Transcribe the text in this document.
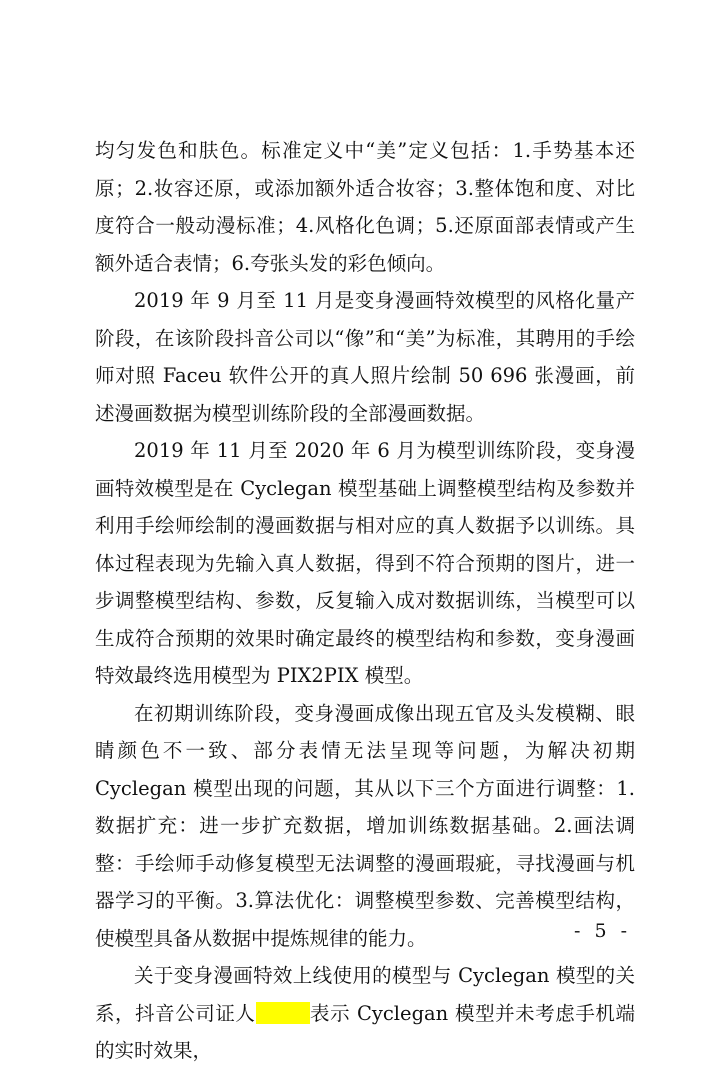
均匀发色和肤色。标准定义中“美”定义包括：1.手势基本还原；2.妆容还原，或添加额外适合妆容；3.整体饱和度、对比度符合一般动漫标准；4.风格化色调；5.还原面部表情或产生额外适合表情；6.夸张头发的彩色倾向。

2019 年 9 月至 11 月是变身漫画特效模型的风格化量产阶段，在该阶段抖音公司以“像”和“美”为标准，其聘用的手绘师对照 Faceu 软件公开的真人照片绘制 50 696 张漫画，前述漫画数据为模型训练阶段的全部漫画数据。

2019 年 11 月至 2020 年 6 月为模型训练阶段，变身漫画特效模型是在 Cyclegan 模型基础上调整模型结构及参数并利用手绘师绘制的漫画数据与相对应的真人数据予以训练。具体过程表现为先输入真人数据，得到不符合预期的图片，进一步调整模型结构、参数，反复输入成对数据训练，当模型可以生成符合预期的效果时确定最终的模型结构和参数，变身漫画特效最终选用模型为 PIX2PIX 模型。

在初期训练阶段，变身漫画成像出现五官及头发模糊、眼睛颜色不一致、部分表情无法呈现等问题，为解决初期 Cyclegan 模型出现的问题，其从以下三个方面进行调整：1.数据扩充：进一步扩充数据，增加训练数据基础。2.画法调整：手绘师手动修复模型无法调整的漫画瑕疵，寻找漫画与机器学习的平衡。3.算法优化：调整模型参数、完善模型结构，使模型具备从数据中提炼规律的能力。

关于变身漫画特效上线使用的模型与 Cyclegan 模型的关系，抖音公司证人	表示 Cyclegan 模型并未考虑手机端的实时效果，

- 5 -
